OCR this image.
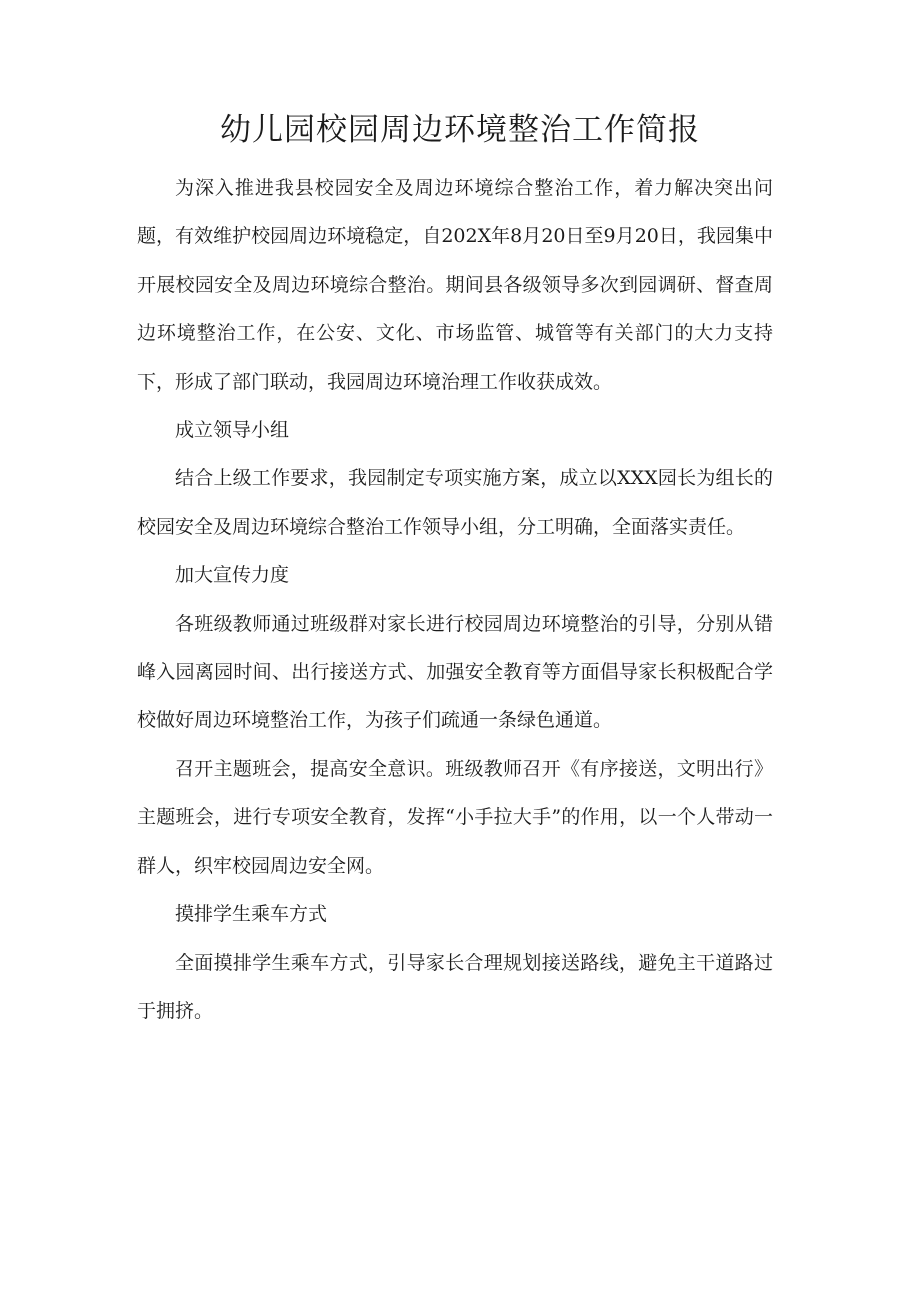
幼儿园校园周边环境整治工作简报

为深入推进我县校园安全及周边环境综合整治工作，着力解决突出问题，有效维护校园周边环境稳定，自202X年8月20日至9月20日，我园集中开展校园安全及周边环境综合整治。期间县各级领导多次到园调研、督查周边环境整治工作，在公安、文化、市场监管、城管等有关部门的大力支持下，形成了部门联动，我园周边环境治理工作收获成效。

成立领导小组

结合上级工作要求，我园制定专项实施方案，成立以XXX园长为组长的校园安全及周边环境综合整治工作领导小组，分工明确，全面落实责任。

加大宣传力度

各班级教师通过班级群对家长进行校园周边环境整治的引导，分别从错峰入园离园时间、出行接送方式、加强安全教育等方面倡导家长积极配合学校做好周边环境整治工作，为孩子们疏通一条绿色通道。

召开主题班会，提高安全意识。班级教师召开《有序接送，文明出行》主题班会，进行专项安全教育，发挥“小手拉大手”的作用，以一个人带动一群人，织牢校园周边安全网。

摸排学生乘车方式

全面摸排学生乘车方式，引导家长合理规划接送路线，避免主干道路过于拥挤。
